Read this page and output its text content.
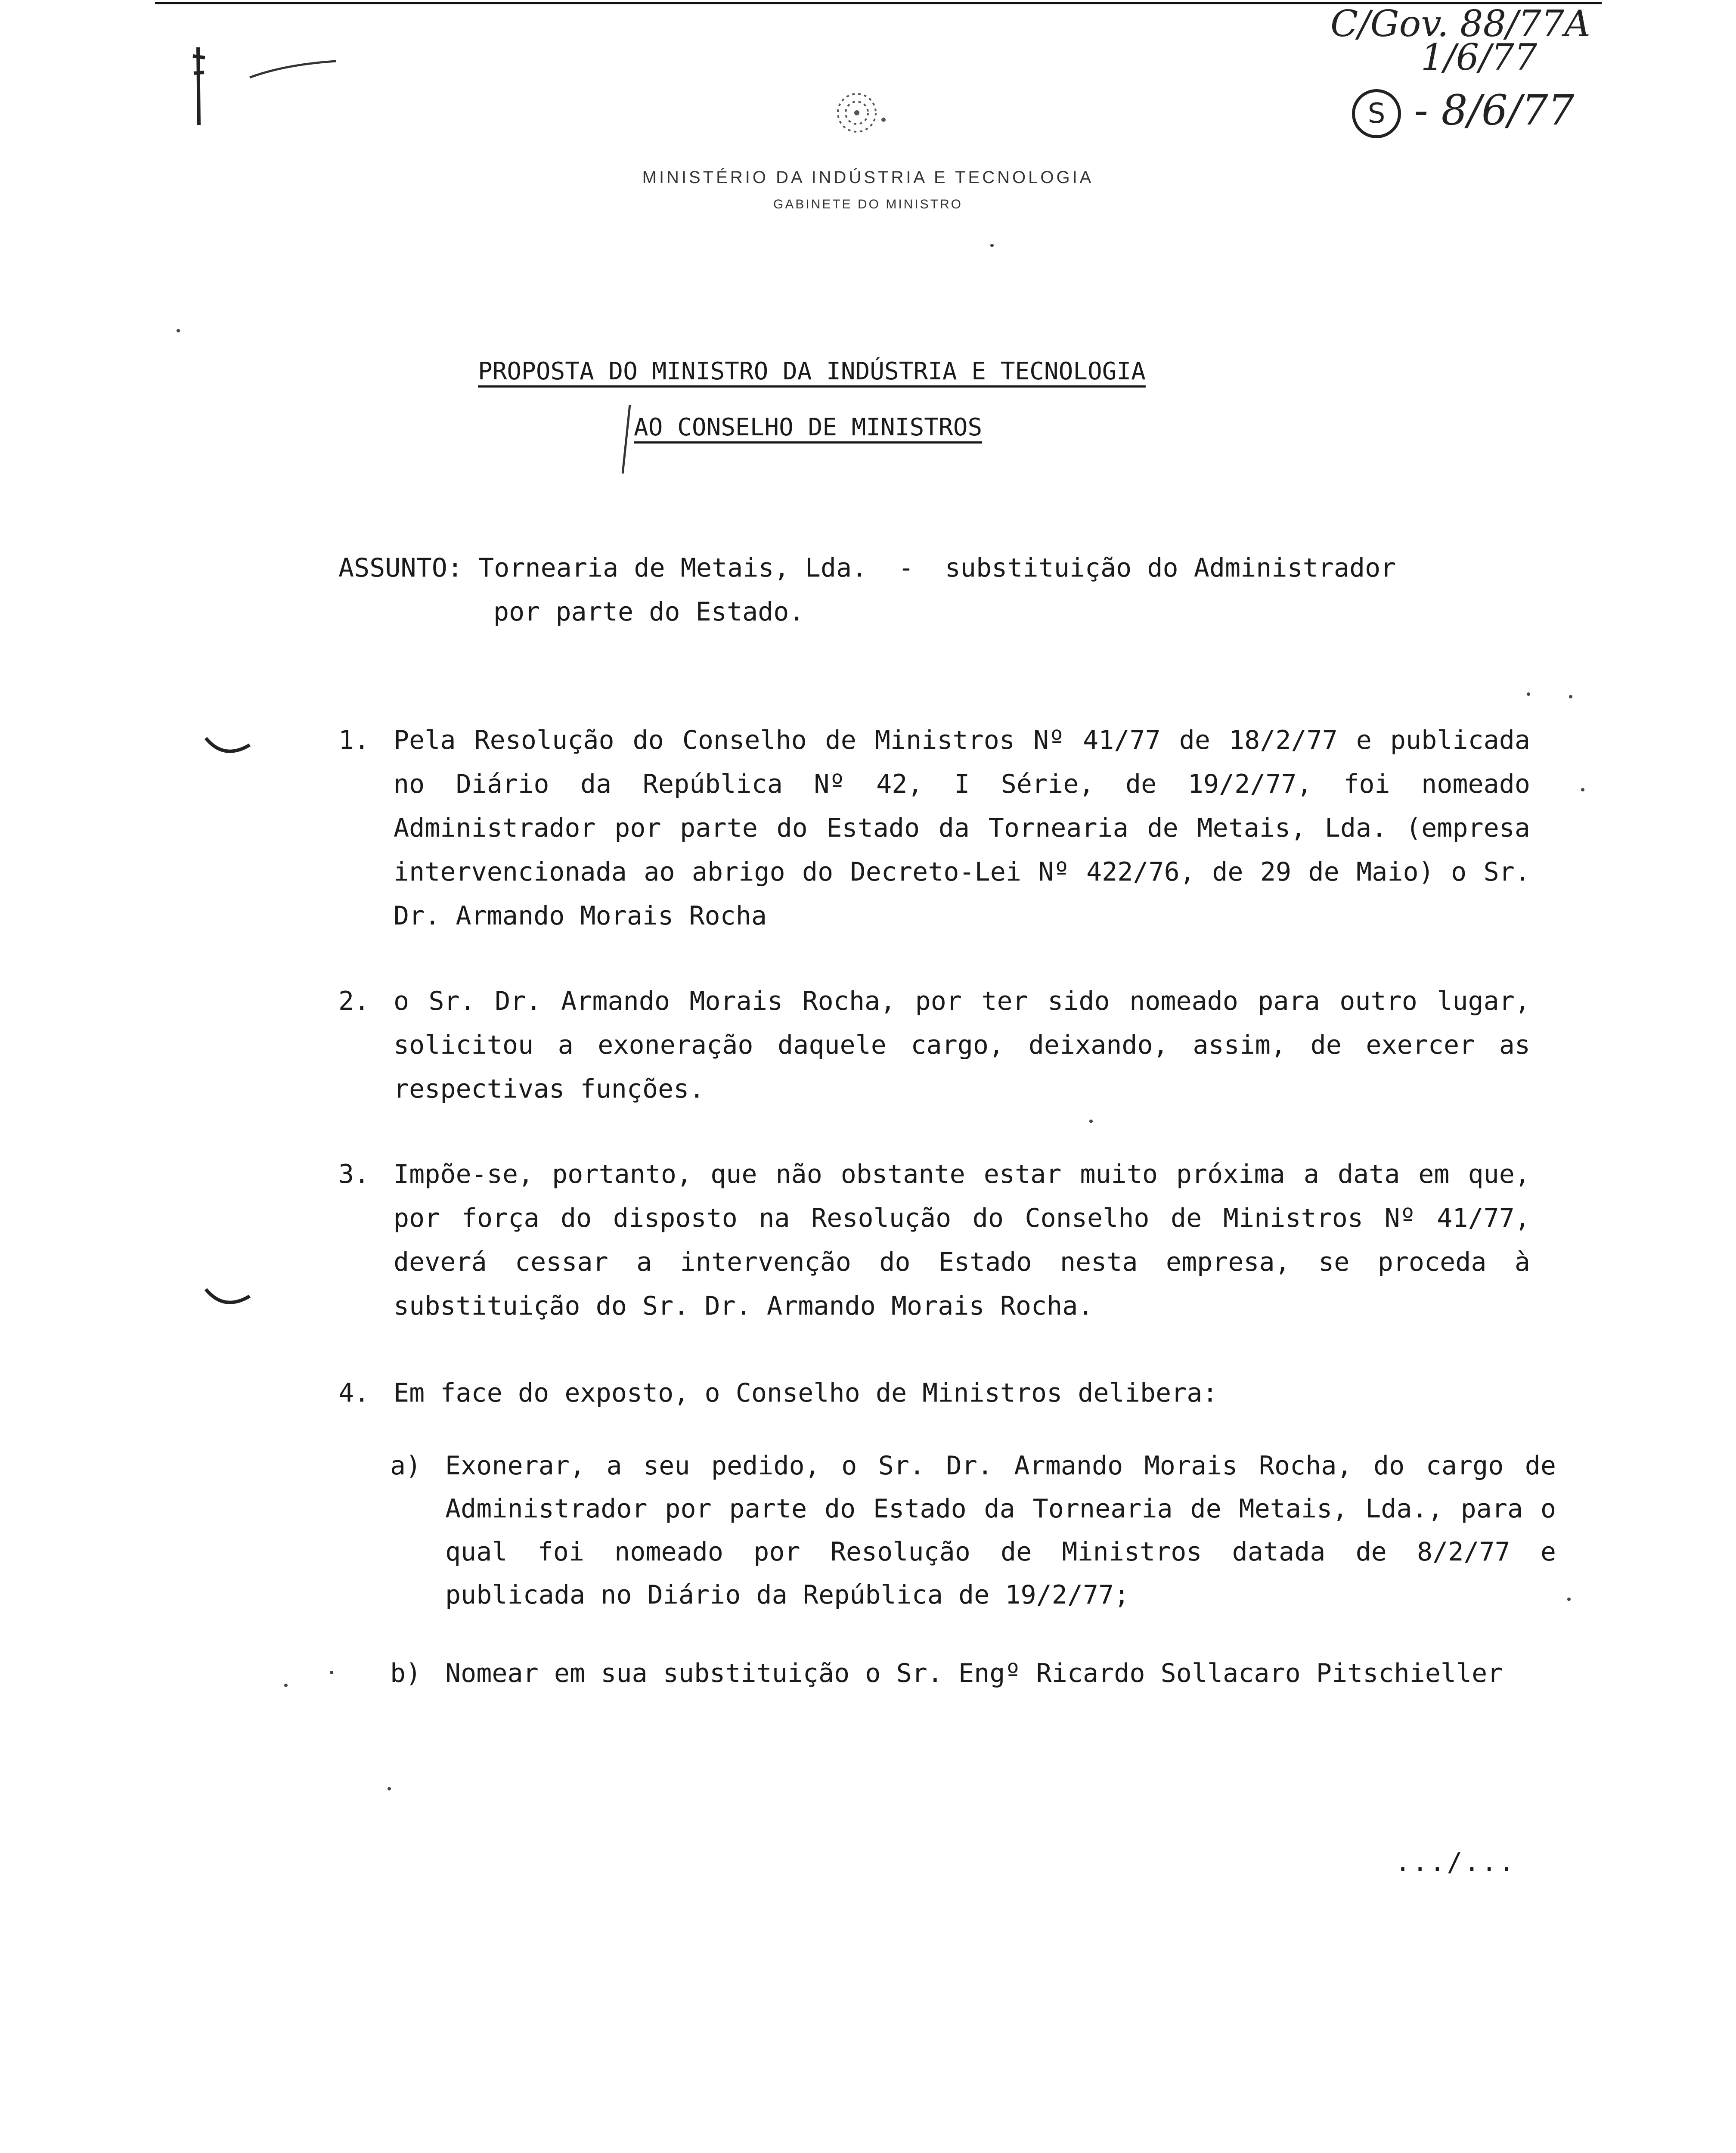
C/Gov. 88/77A
1/6/77
S - 8/6/77
MINISTÉRIO DA INDÚSTRIA E TECNOLOGIA
GABINETE DO MINISTRO
PROPOSTA DO MINISTRO DA INDÚSTRIA E TECNOLOGIA
AO CONSELHO DE MINISTROS
ASSUNTO: Tornearia de Metais, Lda.  -  substituição do Administrador
por parte do Estado.
1. Pela Resolução do Conselho de Ministros Nº 41/77 de 18/2/77 e publicada no Diário da República Nº 42, I Série, de 19/2/77, foi nomeado Administrador por parte do Estado da Tornearia de Metais, Lda. (empresa intervencionada ao abrigo do Decreto-Lei Nº 422/76, de 29 de Maio) o Sr. Dr. Armando Morais Rocha
2. o Sr. Dr. Armando Morais Rocha, por ter sido nomeado para outro lugar, solicitou a exoneração daquele cargo, deixando, assim, de exercer as respectivas funções.
3. Impõe-se, portanto, que não obstante estar muito próxima a data em que, por força do disposto na Resolução do Conselho de Ministros Nº 41/77, deverá cessar a intervenção do Estado nesta empresa, se proceda à substituição do Sr. Dr. Armando Morais Rocha.
4. Em face do exposto, o Conselho de Ministros delibera:
a) Exonerar, a seu pedido, o Sr. Dr. Armando Morais Rocha, do cargo de Administrador por parte do Estado da Tornearia de Metais, Lda., para o qual foi nomeado por Resolução de Ministros datada de 8/2/77 e publicada no Diário da República de 19/2/77;
b) Nomear em sua substituição o Sr. Engº Ricardo Sollacaro Pitschieller
.../...
